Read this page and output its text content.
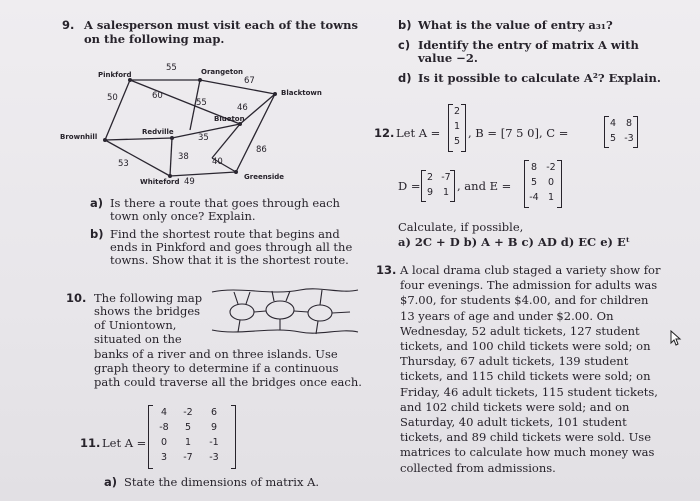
9. A salesperson must visit each of the towns
on the following map.
Pinkford	Orangeton
Blacktown
Blueton
Brownhill
Redville
Whiteford
Greenside
55
67
50	60
55	46
35
86
53
38	40
49
a) Is there a route that goes through each
town only once? Explain.
b) Find the shortest route that begins and
ends in Pinkford and goes through all the
towns. Show that it is the shortest route.
10. The following map
shows the bridges
of Uniontown,
situated on the
banks of a river and on three islands. Use
graph theory to determine if a continuous
path could traverse all the bridges once each.
11. Let A =
4	-2	6
-8	5	9
0	1	-1
3	-7	-3
a) State the dimensions of matrix A.
b) What is the value of entry a₃₁?
c) Identify the entry of matrix A with
value −2.
d) Is it possible to calculate A²? Explain.
12. Let A =
2
1
5
, B = [7 5 0], C =
4	8
5 -3
D =
2 -7
9	1 , and E =
8 -2
5	0
-4 1
Calculate, if possible,
a) 2C + D b) A + B c) AD d) EC e) Eᵗ
13. A local drama club staged a variety show for
four evenings. The admission for adults was
$7.00, for students $4.00, and for children
13 years of age and under $2.00. On
Wednesday, 52 adult tickets, 127 student
tickets, and 100 child tickets were sold; on
Thursday, 67 adult tickets, 139 student
tickets, and 115 child tickets were sold; on
Friday, 46 adult tickets, 115 student tickets,
and 102 child tickets were sold; and on
Saturday, 40 adult tickets, 101 student
tickets, and 89 child tickets were sold. Use
matrices to calculate how much money was
collected from admissions.
